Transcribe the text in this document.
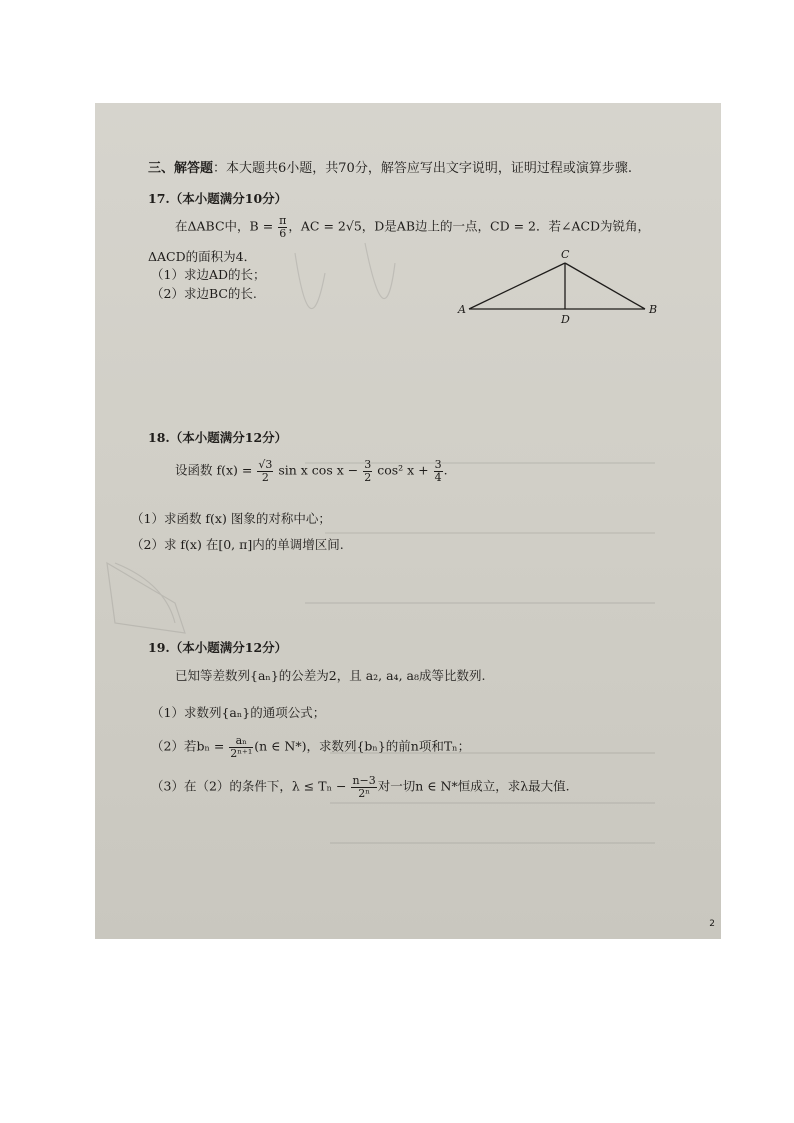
三、解答题：本大题共6小题，共70分，解答应写出文字说明，证明过程或演算步骤.
17.（本小题满分10分）
在ΔABC中，$B = \frac{\pi}{6}$ ，AC = 2√5，D是AB边上的一点，CD = 2．若∠ACD为锐角，
ΔACD的面积为4．
（1）求边AD的长；
（2）求边BC的长.
A	B
C
D
18.（本小题满分12分）
设函数 $f(x) = \frac{√3}{2}$ sin x $\cos x - \frac{3}{2} \cos^2$ $x + \frac{3}{4}$ .
（1）求函数 f(x) 图象的对称中心；
（2）求 f(x) 在[0, π]内的单调增区间.
19.（本小题满分12分）
已知等差数列{aₙ}的公差为2，且 a₂, a₄, a₈成等比数列.
（1）求数列{aₙ}的通项公式；
（2）若$b_n = \frac{\text{aₙ}}{\text{2ⁿ⁺¹}} (n$ ∈ N*)，求数列{bₙ}的前n项和Tₙ；
（3）在（2）的条件下，$\lambda \le T_n - \frac{n-3}{\text{2ⁿ}}$ 对一切n ∈ N*恒成立，求λ最大值.
2
